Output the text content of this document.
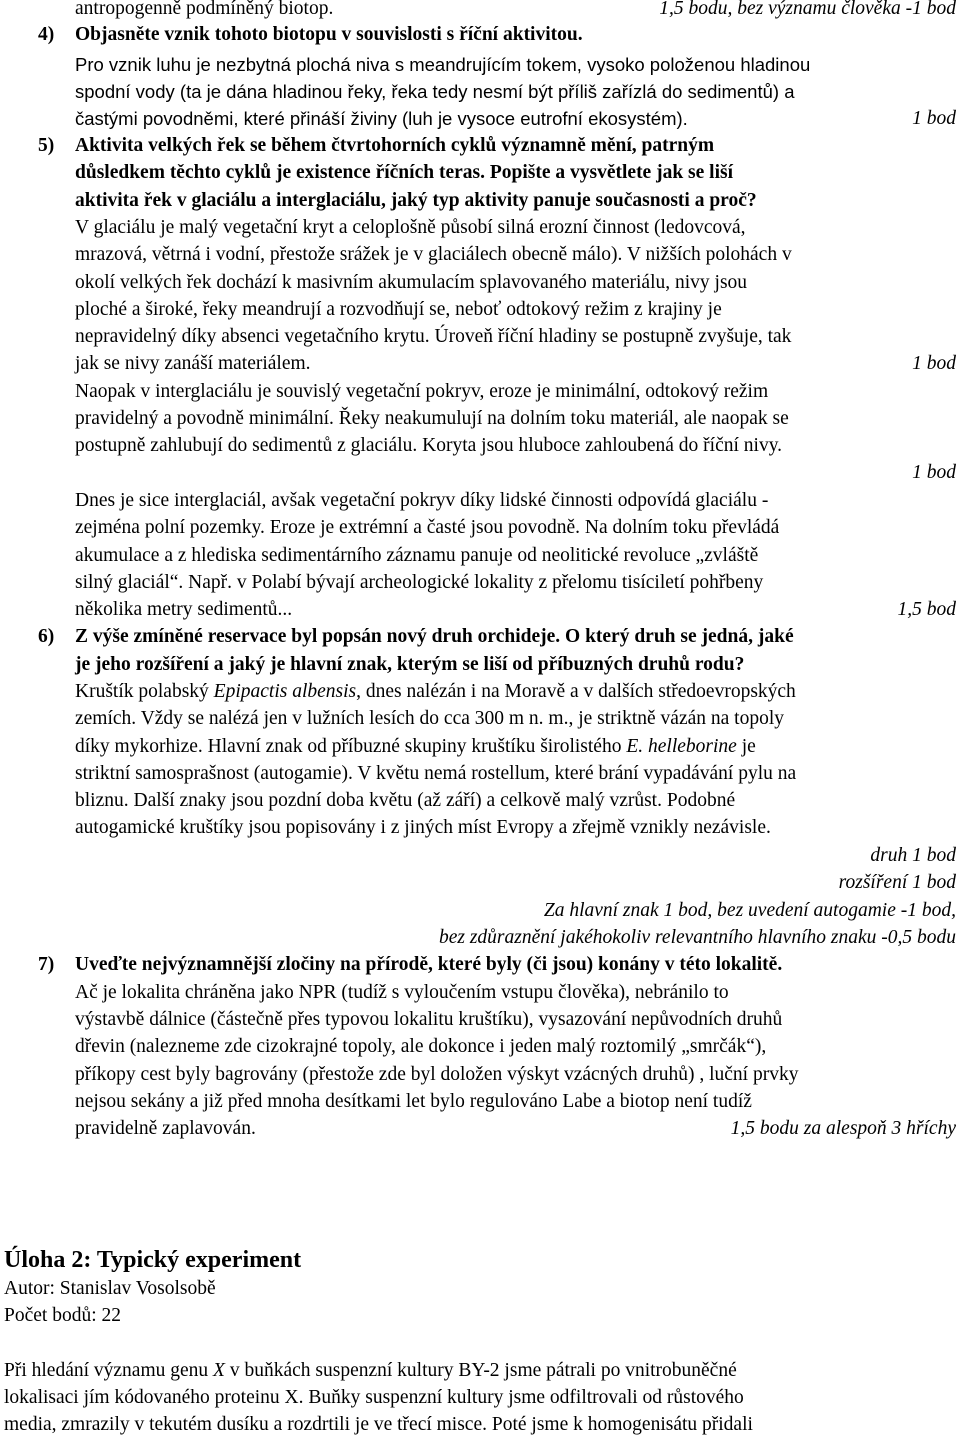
antropogenně podmíněný biotop.	1,5 bodu, bez významu člověka -1 bod
4) Objasněte vznik tohoto biotopu v souvislosti s říční aktivitou.
Pro vznik luhu je nezbytná plochá niva s meandrujícím tokem, vysoko položenou hladinou
spodní vody (ta je dána hladinou řeky, řeka tedy nesmí být příliš zařízlá do sedimentů) a
častými povodněmi, které přináší živiny (luh je vysoce eutrofní ekosystém).	1 bod
5) Aktivita velkých řek se během čtvrtohorních cyklů významně mění, patrným
důsledkem těchto cyklů je existence říčních teras. Popište a vysvětlete jak se liší
aktivita řek v glaciálu a interglaciálu, jaký typ aktivity panuje současnosti a proč?
V glaciálu je malý vegetační kryt a celoplošně působí silná erozní činnost (ledovcová,
mrazová, větrná i vodní, přestože srážek je v glaciálech obecně málo). V nižších polohách v
okolí velkých řek dochází k masivním akumulacím splavovaného materiálu, nivy jsou
ploché a široké, řeky meandrují a rozvodňují se, neboť odtokový režim z krajiny je
nepravidelný díky absenci vegetačního krytu. Úroveň říční hladiny se postupně zvyšuje, tak
jak se nivy zanáší materiálem.	1 bod
Naopak v interglaciálu je souvislý vegetační pokryv, eroze je minimální, odtokový režim
pravidelný a povodně minimální. Řeky neakumulují na dolním toku materiál, ale naopak se
postupně zahlubují do sedimentů z glaciálu. Koryta jsou hluboce zahloubená do říční nivy.
1 bod
Dnes je sice interglaciál, avšak vegetační pokryv díky lidské činnosti odpovídá glaciálu -
zejména polní pozemky. Eroze je extrémní a časté jsou povodně. Na dolním toku převládá
akumulace a z hlediska sedimentárního záznamu panuje od neolitické revoluce „zvláště
silný glaciál“. Např. v Polabí bývají archeologické lokality z přelomu tisíciletí pohřbeny
několika metry sedimentů...	1,5 bod
6) Z výše zmíněné reservace byl popsán nový druh orchideje. O který druh se jedná, jaké
je jeho rozšíření a jaký je hlavní znak, kterým se liší od příbuzných druhů rodu?
Kruštík polabský Epipactis albensis, dnes nalézán i na Moravě a v dalších středoevropských
zemích. Vždy se nalézá jen v lužních lesích do cca 300 m n. m., je striktně vázán na topoly
díky mykorhize. Hlavní znak od příbuzné skupiny kruštíku širolistého E. helleborine je
striktní samosprašnost (autogamie). V květu nemá rostellum, které brání vypadávání pylu na
bliznu. Další znaky jsou pozdní doba květu (až září) a celkově malý vzrůst. Podobné
autogamické kruštíky jsou popisovány i z jiných míst Evropy a zřejmě vznikly nezávisle.
druh 1 bod
rozšíření 1 bod
Za hlavní znak 1 bod, bez uvedení autogamie -1 bod,
bez zdůraznění jakéhokoliv relevantního hlavního znaku -0,5 bodu
7) Uveďte nejvýznamnější zločiny na přírodě, které byly (či jsou) konány v této lokalitě.
Ač je lokalita chráněna jako NPR (tudíž s vyloučením vstupu člověka), nebránilo to
výstavbě dálnice (částečně přes typovou lokalitu kruštíku), vysazování nepůvodních druhů
dřevin (nalezneme zde cizokrajné topoly, ale dokonce i jeden malý roztomilý „smrčák“),
příkopy cest byly bagrovány (přestože zde byl doložen výskyt vzácných druhů) , luční prvky
nejsou sekány a již před mnoha desítkami let bylo regulováno Labe a biotop není tudíž
pravidelně zaplavován.	1,5 bodu za alespoň 3 hříchy
Úloha 2: Typický experiment
Autor: Stanislav Vosolsobě
Počet bodů: 22
Při hledání významu genu X v buňkách suspenzní kultury BY-2 jsme pátrali po vnitrobuněčné
lokalisaci jím kódovaného proteinu X. Buňky suspenzní kultury jsme odfiltrovali od růstového
media, zmrazily v tekutém dusíku a rozdrtili je ve třecí misce. Poté jsme k homogenisátu přidali
